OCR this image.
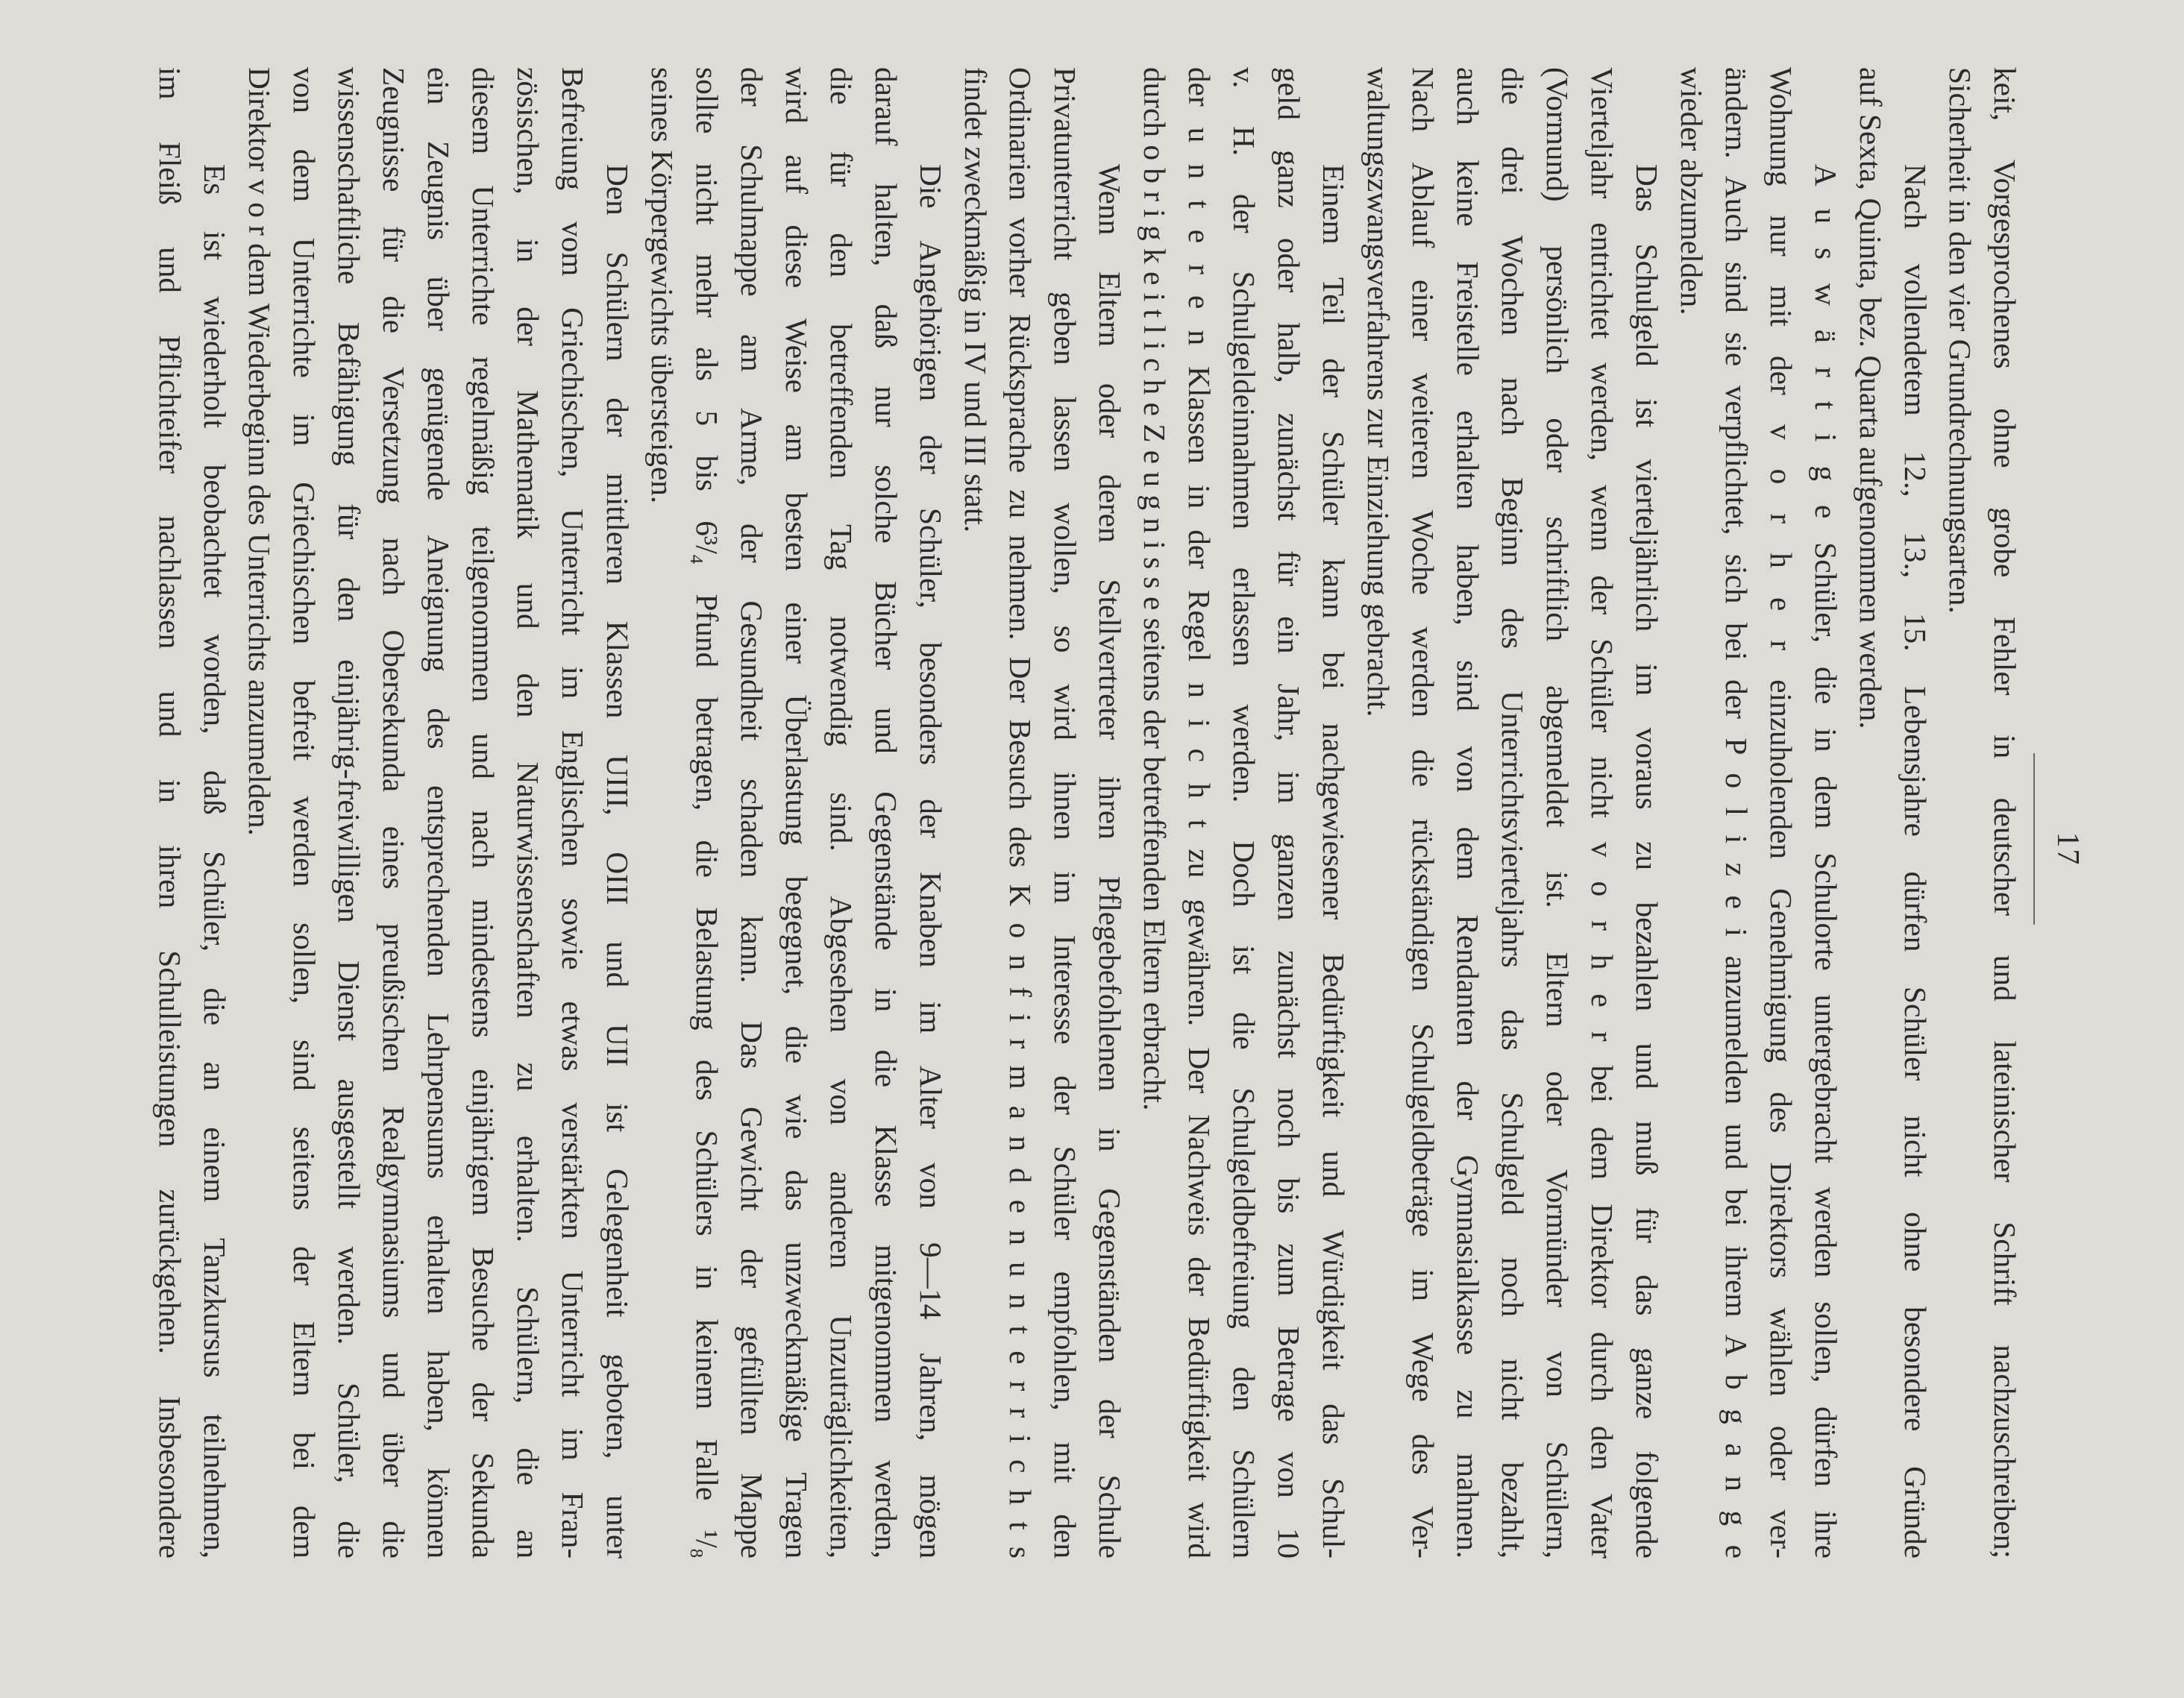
17
keit, Vorgesprochenes ohne grobe Fehler in deutscher und lateinischer Schrift nachzuschreiben;
Sicherheit in den vier Grundrechnungsarten.
Nach vollendetem 12., 13., 15. Lebensjahre dürfen Schüler nicht ohne besondere Gründe
auf Sexta, Quinta, bez. Quarta aufgenommen werden.
A u s w ä r t i g e Schüler, die in dem Schulorte untergebracht werden sollen, dürfen ihre
Wohnung nur mit der v o r h e r einzuholenden Genehmigung des Direktors wählen oder ver-
ändern. Auch sind sie verpflichtet, sich bei der P o l i z e i anzumelden und bei ihrem A b g a n g e
wieder abzumelden.
Das Schulgeld ist vierteljährlich im voraus zu bezahlen und muß für das ganze folgende
Vierteljahr entrichtet werden, wenn der Schüler nicht v o r h e r bei dem Direktor durch den Vater
(Vormund) persönlich oder schriftlich abgemeldet ist. Eltern oder Vormünder von Schülern,
die drei Wochen nach Beginn des Unterrichtsvierteljahrs das Schulgeld noch nicht bezahlt,
auch keine Freistelle erhalten haben, sind von dem Rendanten der Gymnasialkasse zu mahnen.
Nach Ablauf einer weiteren Woche werden die rückständigen Schulgeldbeträge im Wege des Ver-
waltungszwangsverfahrens zur Einziehung gebracht.
Einem Teil der Schüler kann bei nachgewiesener Bedürftigkeit und Würdigkeit das Schul-
geld ganz oder halb, zunächst für ein Jahr, im ganzen zunächst noch bis zum Betrage von 10
v. H. der Schulgeldeinnahmen erlassen werden. Doch ist die Schulgeldbefreiung den Schülern
der u n t e r e n Klassen in der Regel n i c h t zu gewähren. Der Nachweis der Bedürftigkeit wird
durch o b r i g k e i t l i c h e Z e u g n i s s e seitens der betreffenden Eltern erbracht.
Wenn Eltern oder deren Stellvertreter ihren Pflegebefohlenen in Gegenständen der Schule
Privatunterricht geben lassen wollen, so wird ihnen im Interesse der Schüler empfohlen, mit den
Ordinarien vorher Rücksprache zu nehmen. Der Besuch des K o n f i r m a n d e n u n t e r r i c h t s
findet zweckmäßig in IV und III statt.
Die Angehörigen der Schüler, besonders der Knaben im Alter von 9—14 Jahren, mögen
darauf halten, daß nur solche Bücher und Gegenstände in die Klasse mitgenommen werden,
die für den betreffenden Tag notwendig sind. Abgesehen von anderen Unzuträglichkeiten,
wird auf diese Weise am besten einer Überlastung begegnet, die wie das unzweckmäßige Tragen
der Schulmappe am Arme, der Gesundheit schaden kann. Das Gewicht der gefüllten Mappe
sollte nicht mehr als 5 bis 6³/₄ Pfund betragen, die Belastung des Schülers in keinem Falle ¹/₈
seines Körpergewichts übersteigen.
Den Schülern der mittleren Klassen UIII, OIII und UII ist Gelegenheit geboten, unter
Befreiung vom Griechischen, Unterricht im Englischen sowie etwas verstärkten Unterricht im Fran-
zösischen, in der Mathematik und den Naturwissenschaften zu erhalten. Schülern, die an
diesem Unterrichte regelmäßig teilgenommen und nach mindestens einjährigem Besuche der Sekunda
ein Zeugnis über genügende Aneignung des entsprechenden Lehrpensums erhalten haben, können
Zeugnisse für die Versetzung nach Obersekunda eines preußischen Realgymnasiums und über die
wissenschaftliche Befähigung für den einjährig-freiwilligen Dienst ausgestellt werden. Schüler, die
von dem Unterrichte im Griechischen befreit werden sollen, sind seitens der Eltern bei dem
Direktor v o r dem Wiederbeginn des Unterrichts anzumelden.
Es ist wiederholt beobachtet worden, daß Schüler, die an einem Tanzkursus teilnehmen,
im Fleiß und Pflichteifer nachlassen und in ihren Schulleistungen zurückgehen. Insbesondere
